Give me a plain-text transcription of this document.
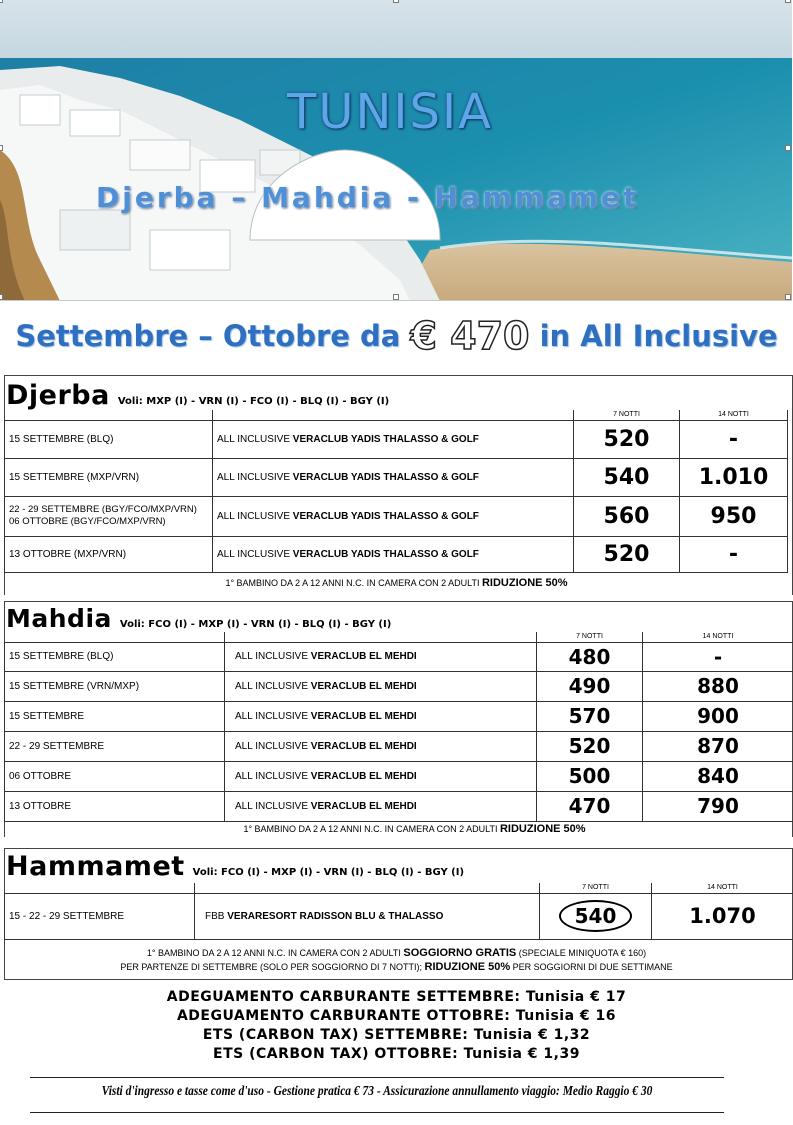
TUNISIA
Djerba – Mahdia - Hammamet
Settembre – Ottobre da € 470 in All Inclusive
Djerba Voli: MXP (I) - VRN (I) - FCO (I) - BLQ (I) - BGY (I)
		7 NOTTI	14 NOTTI
15 SETTEMBRE (BLQ)	ALL INCLUSIVE VERACLUB YADIS THALASSO & GOLF	520	-
15 SETTEMBRE (MXP/VRN)	ALL INCLUSIVE VERACLUB YADIS THALASSO & GOLF	540	1.010

22 - 29 SETTEMBRE (BGY/FCO/MXP/VRN)
06 OTTOBRE (BGY/FCO/MXP/VRN)	ALL INCLUSIVE VERACLUB YADIS THALASSO & GOLF	560	950
13 OTTOBRE (MXP/VRN)	ALL INCLUSIVE VERACLUB YADIS THALASSO & GOLF	520	-
1° BAMBINO DA 2 A 12 ANNI N.C. IN CAMERA CON 2 ADULTI RIDUZIONE 50%
Mahdia Voli: FCO (I) - MXP (I) - VRN (I) - BLQ (I) - BGY (I)
		7 NOTTI	14 NOTTI
15 SETTEMBRE (BLQ)	ALL INCLUSIVE VERACLUB EL MEHDI	480	-
15 SETTEMBRE (VRN/MXP)	ALL INCLUSIVE VERACLUB EL MEHDI	490	880
15 SETTEMBRE	ALL INCLUSIVE VERACLUB EL MEHDI	570	900
22 - 29 SETTEMBRE	ALL INCLUSIVE VERACLUB EL MEHDI	520	870
06 OTTOBRE	ALL INCLUSIVE VERACLUB EL MEHDI	500	840
13 OTTOBRE	ALL INCLUSIVE VERACLUB EL MEHDI	470	790
1° BAMBINO DA 2 A 12 ANNI N.C. IN CAMERA CON 2 ADULTI RIDUZIONE 50%
Hammamet Voli: FCO (I) - MXP (I) - VRN (I) - BLQ (I) - BGY (I)
		7 NOTTI	14 NOTTI
15 - 22 - 29 SETTEMBRE	FBB VERARESORT RADISSON BLU & THALASSO	540	1.070
1° BAMBINO DA 2 A 12 ANNI N.C. IN CAMERA CON 2 ADULTI SOGGIORNO GRATIS (SPECIALE MINIQUOTA € 160)
PER PARTENZE DI SETTEMBRE (SOLO PER SOGGIORNO DI 7 NOTTI); RIDUZIONE 50% PER SOGGIORNI DI DUE SETTIMANE
ADEGUAMENTO CARBURANTE SETTEMBRE: Tunisia € 17
ADEGUAMENTO CARBURANTE OTTOBRE: Tunisia € 16
ETS (CARBON TAX) SETTEMBRE: Tunisia € 1,32
ETS (CARBON TAX) OTTOBRE: Tunisia € 1,39
Visti d'ingresso e tasse come d'uso - Gestione pratica € 73 - Assicurazione annullamento viaggio: Medio Raggio € 30
